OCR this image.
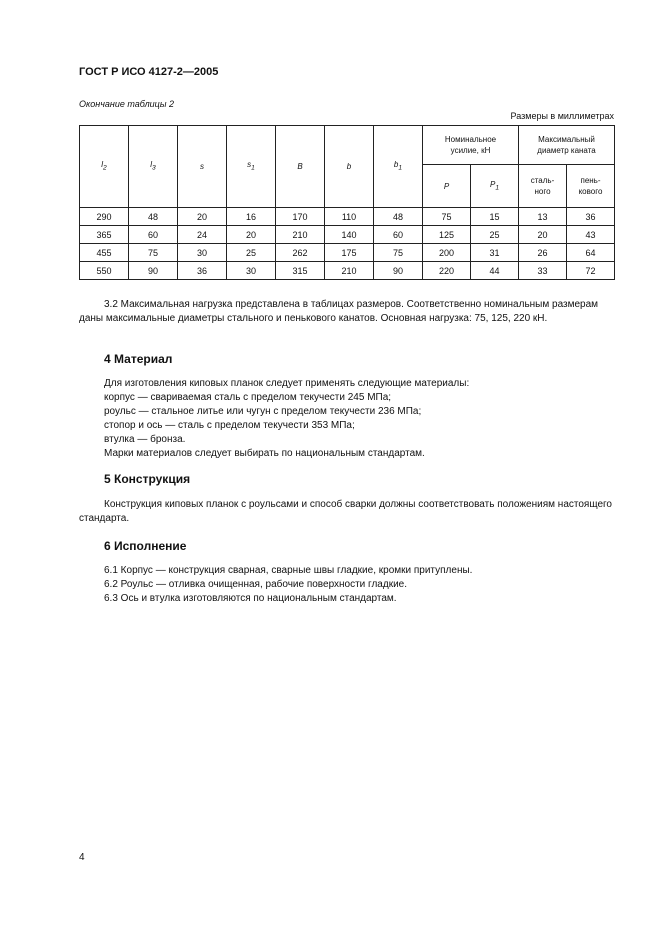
ГОСТ Р ИСО 4127-2—2005
Окончание таблицы 2
Размеры в миллиметрах
$l_2$	$l_3$	s	$s_1$	B	b	$b_1$	Номинальное усилие, кН		Максимальный диаметр каната	
							P	$P_1$	сталь- ного	пень- кового
290	48	20	16	170	110	48	75	15	13	36
365	60	24	20	210	140	60	125	25	20	43
455	75	30	25	262	175	75	200	31	26	64
550	90	36	30	315	210	90	220	44	33	72
3.2 Максимальная нагрузка представлена в таблицах размеров. Соответственно номинальным размерам даны максимальные диаметры стального и пенькового канатов. Основная нагрузка: 75, 125, 220 кН.
4 Материал
Для изготовления киповых планок следует применять следующие материалы:
корпус — свариваемая сталь с пределом текучести 245 МПа;
роульс — стальное литье или чугун с пределом текучести 236 МПа;
стопор и ось — сталь с пределом текучести 353 МПа;
втулка — бронза.
Марки материалов следует выбирать по национальным стандартам.
5 Конструкция
Конструкция киповых планок с роульсами и способ сварки должны соответствовать положениям настоящего стандарта.
6 Исполнение
6.1 Корпус — конструкция сварная, сварные швы гладкие, кромки притуплены.
6.2 Роульс — отливка очищенная, рабочие поверхности гладкие.
6.3 Ось и втулка изготовляются по национальным стандартам.
4
